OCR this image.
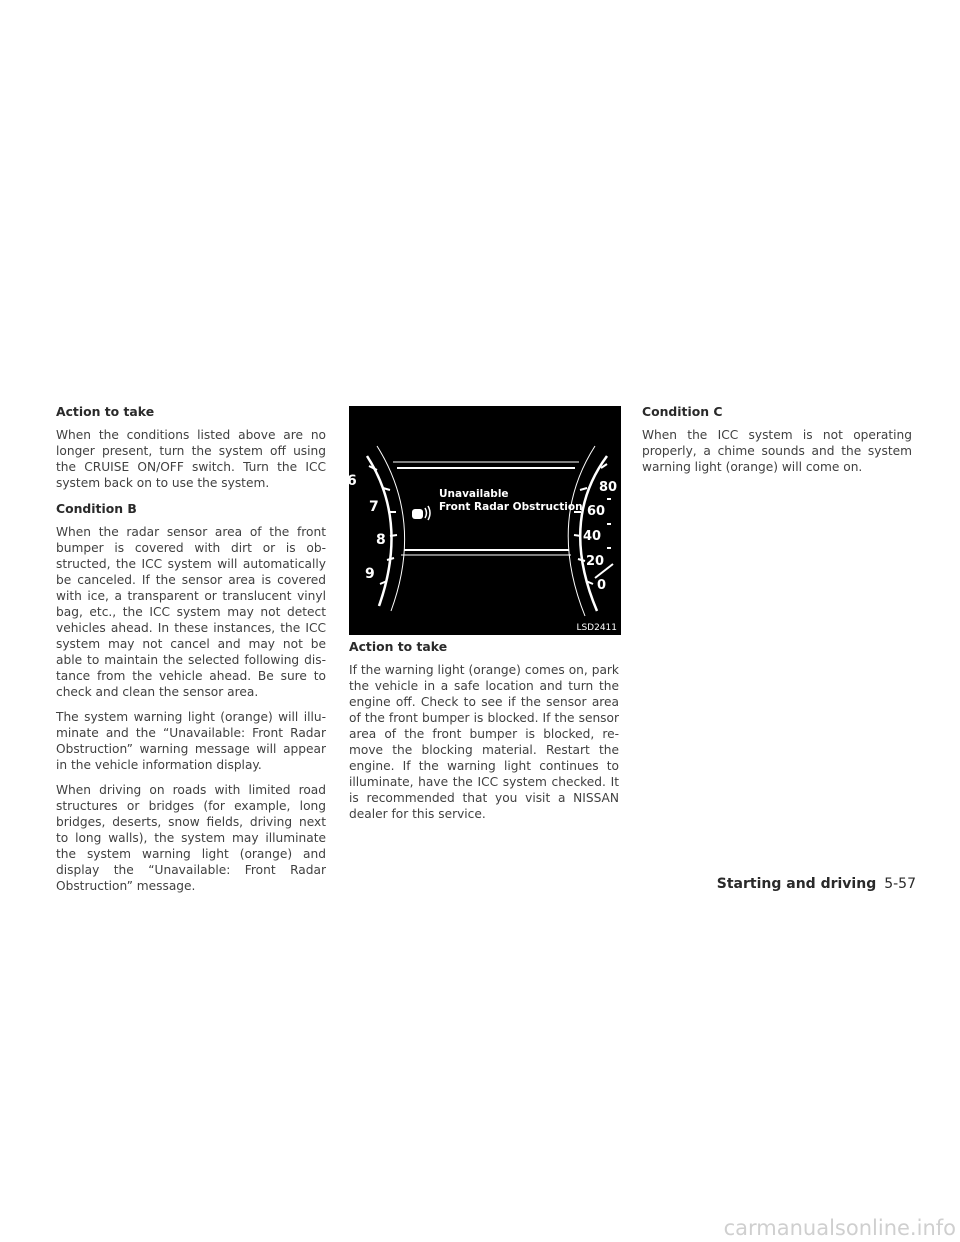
Action to take

When the conditions listed above are no longer present, turn the system off using the CRUISE ON/OFF switch. Turn the ICC system back on to use the system.

Condition B

When the radar sensor area of the front bumper is covered with dirt or is ob- structed, the ICC system will automatically be canceled. If the sensor area is covered with ice, a transparent or translucent vinyl bag, etc., the ICC system may not detect vehicles ahead. In these instances, the ICC system may not cancel and may not be able to maintain the selected following dis- tance from the vehicle ahead. Be sure to check and clean the sensor area.

The system warning light (orange) will illu- minate and the “Unavailable: Front Radar Obstruction” warning message will appear in the vehicle information display.

When driving on roads with limited road structures or bridges (for example, long bridges, deserts, snow fields, driving next to long walls), the system may illuminate the system warning light (orange) and display the “Unavailable: Front Radar Obstruction” message.

6
7
8
9
Unavailable
Front Radar Obstruction
80
60
40
20
0
LSD2411
Action to take

If the warning light (orange) comes on, park the vehicle in a safe location and turn the engine off. Check to see if the sensor area of the front bumper is blocked. If the sensor area of the front bumper is blocked, re- move the blocking material. Restart the engine. If the warning light continues to illuminate, have the ICC system checked. It is recommended that you visit a NISSAN dealer for this service.

Condition C

When the ICC system is not operating properly, a chime sounds and the system warning light (orange) will come on.

Starting and driving 5-57
carmanualsonline.info
